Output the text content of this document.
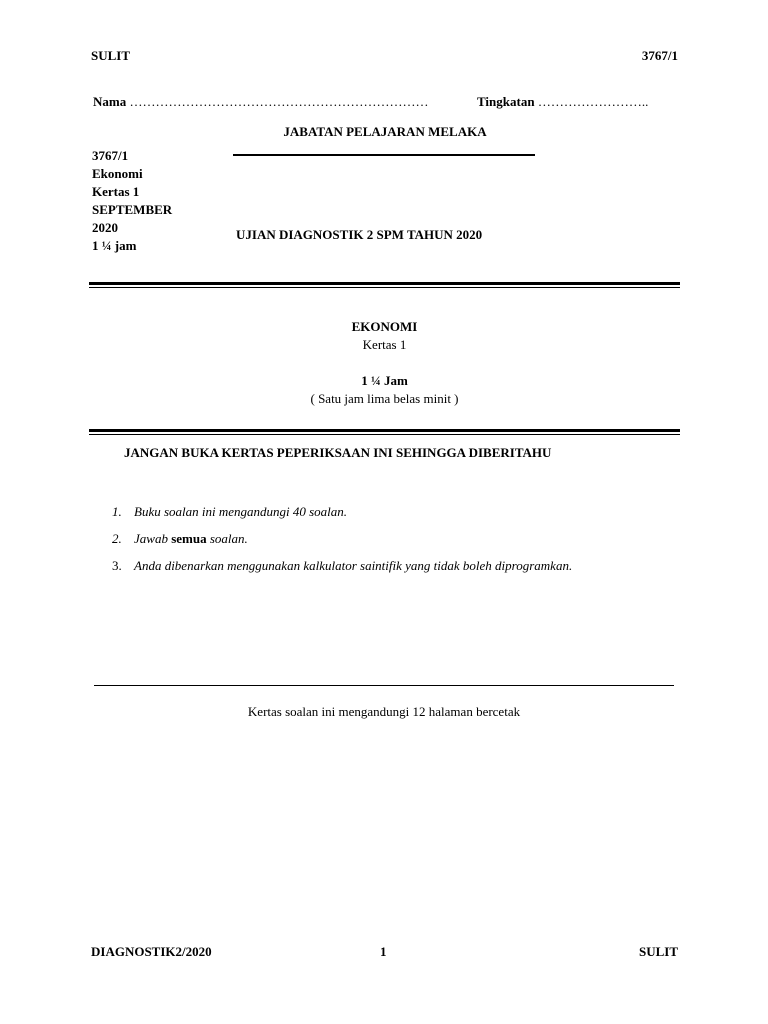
SULIT	3767/1
Nama ……………………………………………………………	Tingkatan ……………………..
JABATAN PELAJARAN MELAKA
3767/1
Ekonomi
Kertas 1
SEPTEMBER
2020
1 ¼ jam
UJIAN DIAGNOSTIK 2 SPM TAHUN 2020
EKONOMI
Kertas 1
1 ¼ Jam
( Satu jam lima belas minit )
JANGAN BUKA KERTAS PEPERIKSAAN INI SEHINGGA DIBERITAHU
1. Buku soalan ini mengandungi 40 soalan.
2. Jawab semua soalan.
3. Anda dibenarkan menggunakan kalkulator saintifik yang tidak boleh diprogramkan.
Kertas soalan ini mengandungi 12 halaman bercetak
DIAGNOSTIK2/2020	1	SULIT
